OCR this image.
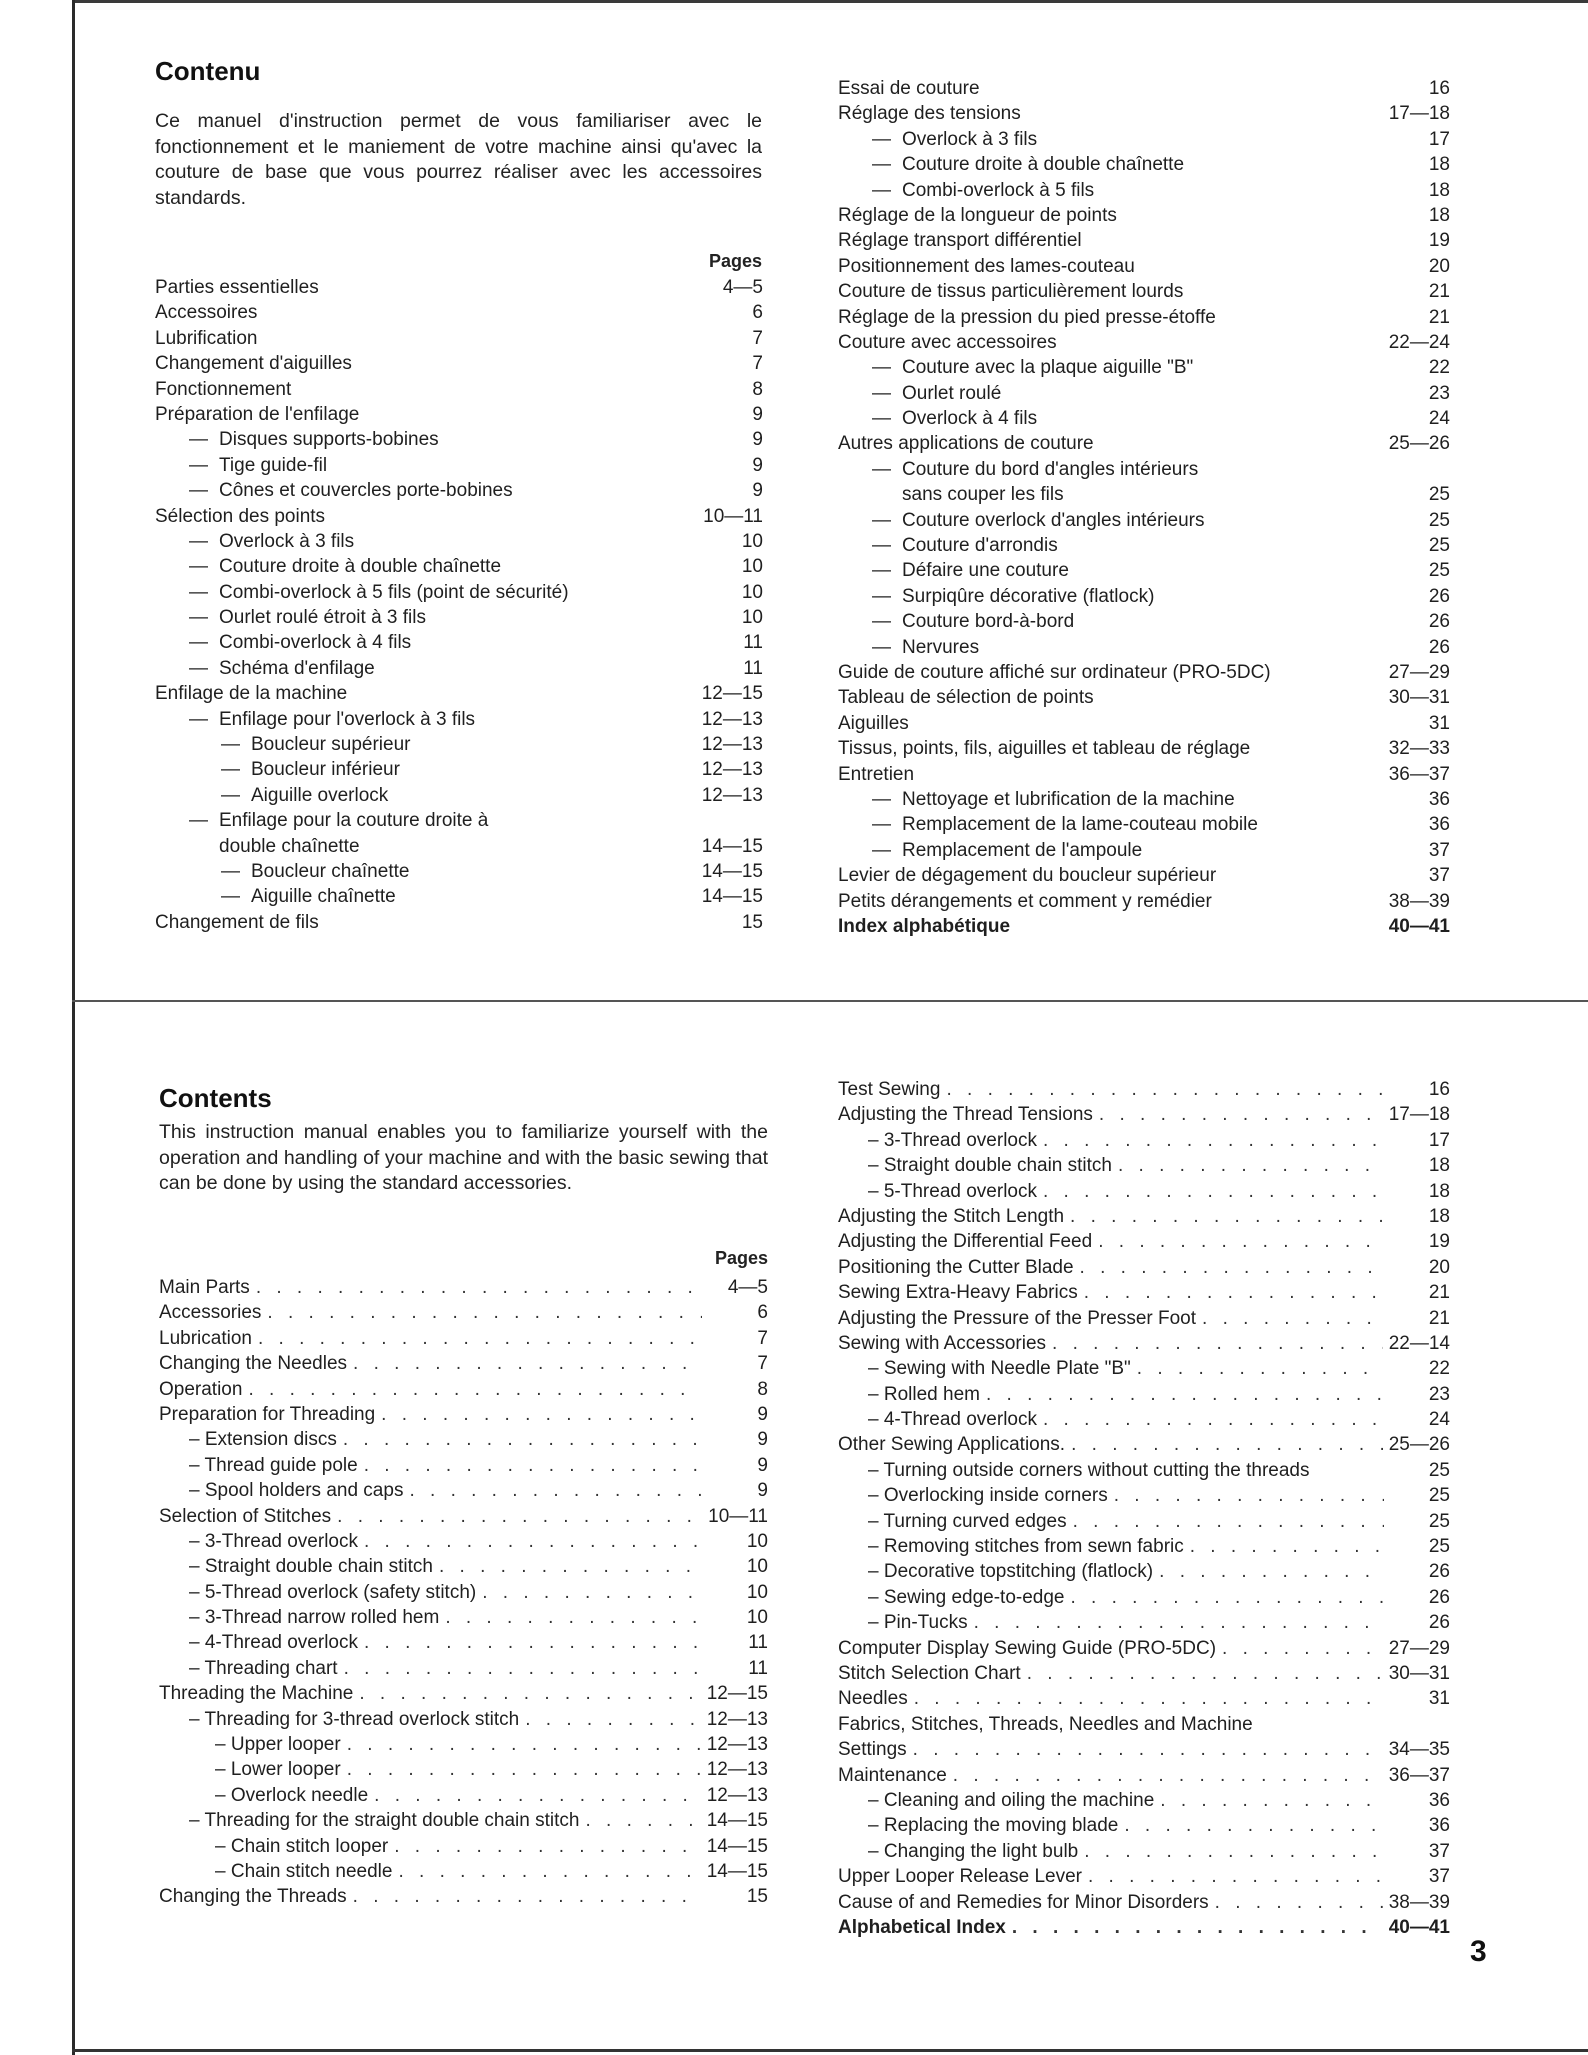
Contenu
Ce manuel d'instruction permet de vous familiariser avec le fonctionnement et le maniement de votre machine ainsi qu'avec la couture de base que vous pourrez réaliser avec les accessoires standards.
Pages
Parties essentielles	4—5
Accessoires	6
Lubrification	7
Changement d'aiguilles	7
Fonctionnement	8
Préparation de l'enfilage	9
— Disques supports-bobines	9
— Tige guide-fil	9
— Cônes et couvercles porte-bobines	9
Sélection des points	10—11
— Overlock à 3 fils	10
— Couture droite à double chaînette	10
— Combi-overlock à 5 fils (point de sécurité)	10
— Ourlet roulé étroit à 3 fils	10
— Combi-overlock à 4 fils	11
— Schéma d'enfilage	11
Enfilage de la machine	12—15
— Enfilage pour l'overlock à 3 fils	12—13
— Boucleur supérieur	12—13
— Boucleur inférieur	12—13
— Aiguille overlock	12—13
— Enfilage pour la couture droite à
double chaînette	14—15
— Boucleur chaînette	14—15
— Aiguille chaînette	14—15
Changement de fils	15
Essai de couture	16
Réglage des tensions	17—18
— Overlock à 3 fils	17
— Couture droite à double chaînette	18
— Combi-overlock à 5 fils	18
Réglage de la longueur de points	18
Réglage transport différentiel	19
Positionnement des lames-couteau	20
Couture de tissus particulièrement lourds	21
Réglage de la pression du pied presse-étoffe	21
Couture avec accessoires	22—24
— Couture avec la plaque aiguille "B"	22
— Ourlet roulé	23
— Overlock à 4 fils	24
Autres applications de couture	25—26
— Couture du bord d'angles intérieurs
sans couper les fils	25
— Couture overlock d'angles intérieurs	25
— Couture d'arrondis	25
— Défaire une couture	25
— Surpiqûre décorative (flatlock)	26
— Couture bord-à-bord	26
— Nervures	26
Guide de couture affiché sur ordinateur (PRO-5DC)	27—29
Tableau de sélection de points	30—31
Aiguilles	31
Tissus, points, fils, aiguilles et tableau de réglage	32—33
Entretien	36—37
— Nettoyage et lubrification de la machine	36
— Remplacement de la lame-couteau mobile	36
— Remplacement de l'ampoule	37
Levier de dégagement du boucleur supérieur	37
Petits dérangements et comment y remédier	38—39
Index alphabétique	40—41
Contents
This instruction manual enables you to familiarize yourself with the operation and handling of your machine and with the basic sewing that can be done by using the standard accessories.
Pages
Main Parts . . .	4—5
Accessories . . .	6
Lubrication . . .	7
Changing the Needles . . .	7
Operation . . .	8
Preparation for Threading . . .	9
– Extension discs . . .	9
– Thread guide pole . . .	9
– Spool holders and caps . . .	9
Selection of Stitches . . .	10—11
– 3-Thread overlock . . .	10
– Straight double chain stitch . . .	10
– 5-Thread overlock (safety stitch) . . .	10
– 3-Thread narrow rolled hem . . .	10
– 4-Thread overlock . . .	11
– Threading chart . . .	11
Threading the Machine . . .	12—15
– Threading for 3-thread overlock stitch . . .	12—13
– Upper looper . . .	12—13
– Lower looper . . .	12—13
– Overlock needle . . .	12—13
– Threading for the straight double chain stitch . . .	14—15
– Chain stitch looper . . .	14—15
– Chain stitch needle . . .	14—15
Changing the Threads . . .	15
Test Sewing . . .	16
Adjusting the Thread Tensions . . .	17—18
– 3-Thread overlock . . .	17
– Straight double chain stitch . . .	18
– 5-Thread overlock . . .	18
Adjusting the Stitch Length . . .	18
Adjusting the Differential Feed . . .	19
Positioning the Cutter Blade . . .	20
Sewing Extra-Heavy Fabrics . . .	21
Adjusting the Pressure of the Presser Foot . . .	21
Sewing with Accessories . . .	22—14
– Sewing with Needle Plate "B" . . .	22
– Rolled hem . . .	23
– 4-Thread overlock . . .	24
Other Sewing Applications. . . .	25—26
– Turning outside corners without cutting the threads	25
– Overlocking inside corners . . .	25
– Turning curved edges . . .	25
– Removing stitches from sewn fabric . . .	25
– Decorative topstitching (flatlock) . . .	26
– Sewing edge-to-edge . . .	26
– Pin-Tucks . . .	26
Computer Display Sewing Guide (PRO-5DC) . . .	27—29
Stitch Selection Chart . . .	30—31
Needles . . .	31
Fabrics, Stitches, Threads, Needles and Machine
Settings . . .	34—35
Maintenance . . .	36—37
– Cleaning and oiling the machine . . .	36
– Replacing the moving blade . . .	36
– Changing the light bulb . . .	37
Upper Looper Release Lever . . .	37
Cause of and Remedies for Minor Disorders . . .	38—39
Alphabetical Index . . .	40—41
3
